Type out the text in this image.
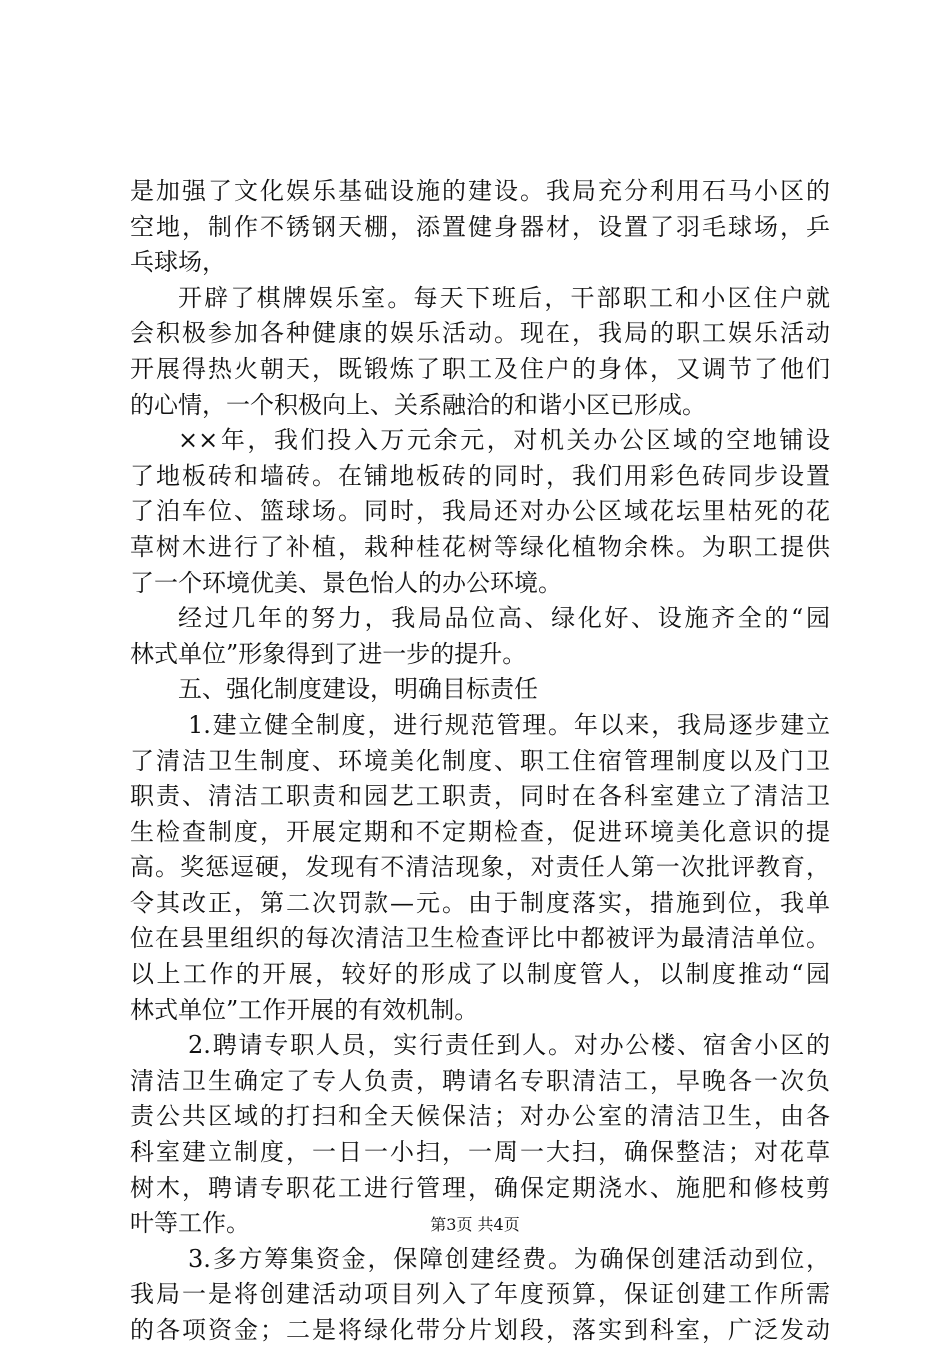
是加强了文化娱乐基础设施的建设。我局充分利用石马小区的
空地，制作不锈钢天棚，添置健身器材，设置了羽毛球场，乒
乓球场，
开辟了棋牌娱乐室。每天下班后，干部职工和小区住户就
会积极参加各种健康的娱乐活动。现在，我局的职工娱乐活动
开展得热火朝天，既锻炼了职工及住户的身体，又调节了他们
的心情，一个积极向上、关系融洽的和谐小区已形成。
××年，我们投入万元余元，对机关办公区域的空地铺设
了地板砖和墙砖。在铺地板砖的同时，我们用彩色砖同步设置
了泊车位、篮球场。同时，我局还对办公区域花坛里枯死的花
草树木进行了补植，栽种桂花树等绿化植物余株。为职工提供
了一个环境优美、景色怡人的办公环境。
经过几年的努力，我局品位高、绿化好、设施齐全的“园
林式单位”形象得到了进一步的提升。
五、强化制度建设，明确目标责任
1.建立健全制度，进行规范管理。年以来，我局逐步建立
了清洁卫生制度、环境美化制度、职工住宿管理制度以及门卫
职责、清洁工职责和园艺工职责，同时在各科室建立了清洁卫
生检查制度，开展定期和不定期检查，促进环境美化意识的提
高。奖惩逗硬，发现有不清洁现象，对责任人第一次批评教育，
令其改正，第二次罚款—元。由于制度落实，措施到位，我单
位在县里组织的每次清洁卫生检查评比中都被评为最清洁单位。
以上工作的开展，较好的形成了以制度管人，以制度推动“园
林式单位”工作开展的有效机制。
2.聘请专职人员，实行责任到人。对办公楼、宿舍小区的
清洁卫生确定了专人负责，聘请名专职清洁工，早晚各一次负
责公共区域的打扫和全天候保洁；对办公室的清洁卫生，由各
科室建立制度，一日一小扫，一周一大扫，确保整洁；对花草
树木，聘请专职花工进行管理，确保定期浇水、施肥和修枝剪
叶等工作。
3.多方筹集资金，保障创建经费。为确保创建活动到位，
我局一是将创建活动项目列入了年度预算，保证创建工作所需
的各项资金；二是将绿化带分片划段，落实到科室，广泛发动
第3页 共4页
